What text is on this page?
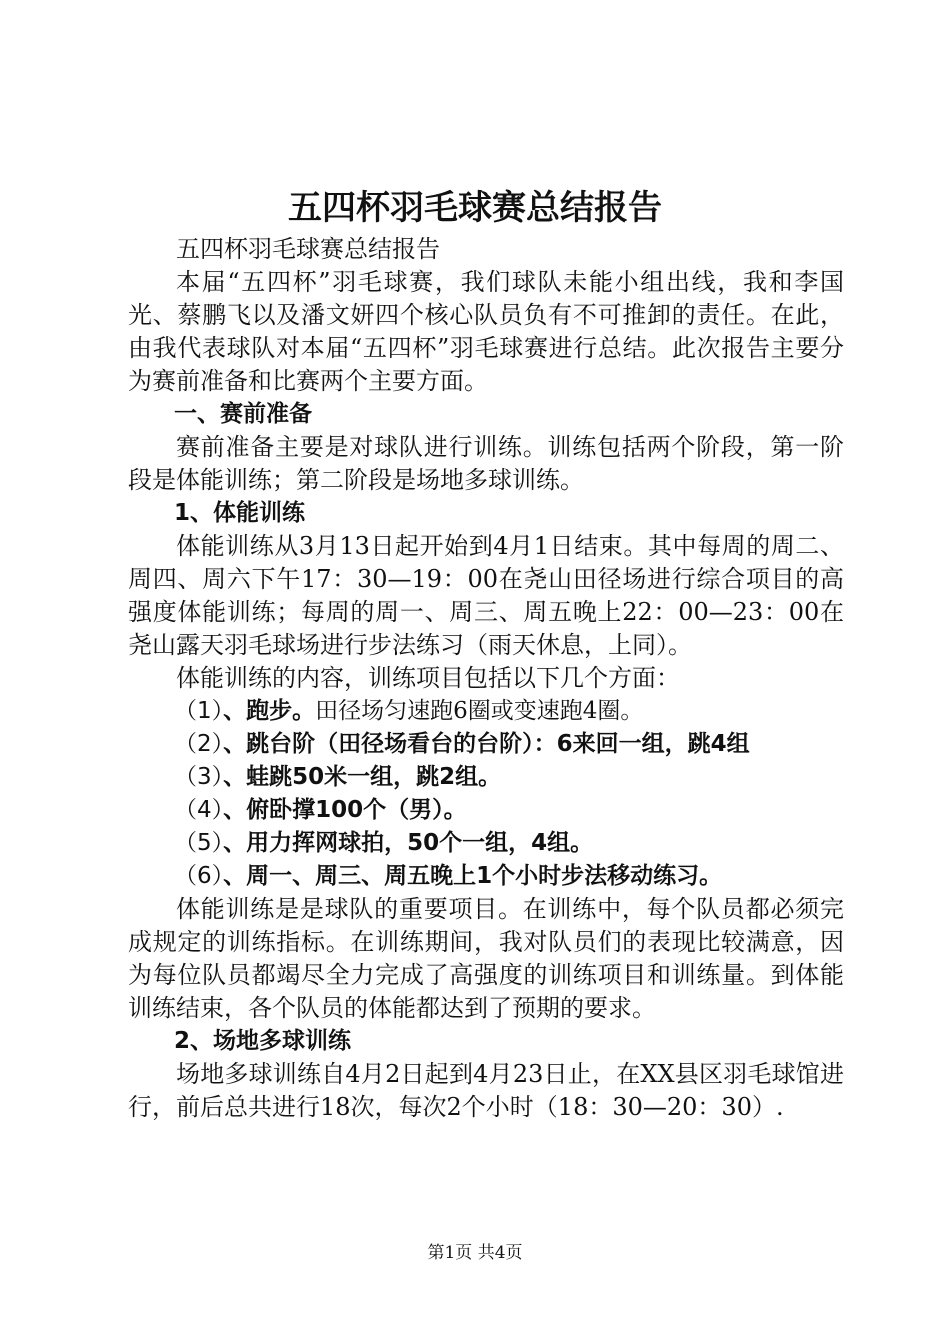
五四杯羽毛球赛总结报告

五四杯羽毛球赛总结报告

本届“五四杯”羽毛球赛，我们球队未能小组出线，我和李国光、蔡鹏飞以及潘文妍四个核心队员负有不可推卸的责任。在此，由我代表球队对本届“五四杯”羽毛球赛进行总结。此次报告主要分为赛前准备和比赛两个主要方面。

一、赛前准备

赛前准备主要是对球队进行训练。训练包括两个阶段，第一阶段是体能训练；第二阶段是场地多球训练。

1、体能训练

体能训练从3月13日起开始到4月1日结束。其中每周的周二、周四、周六下午17：30—19：00在尧山田径场进行综合项目的高强度体能训练；每周的周一、周三、周五晚上22：00—23：00在尧山露天羽毛球场进行步法练习（雨天休息，上同）。

体能训练的内容，训练项目包括以下几个方面：

（1）、跑步。田径场匀速跑6圈或变速跑4圈。

（2）、跳台阶（田径场看台的台阶）：6来回一组，跳4组

（3）、蛙跳50米一组，跳2组。

（4）、俯卧撑100个（男）。

（5）、用力挥网球拍，50个一组，4组。

（6）、周一、周三、周五晚上1个小时步法移动练习。

体能训练是是球队的重要项目。在训练中，每个队员都必须完成规定的训练指标。在训练期间，我对队员们的表现比较满意，因为每位队员都竭尽全力完成了高强度的训练项目和训练量。到体能训练结束，各个队员的体能都达到了预期的要求。

2、场地多球训练

场地多球训练自4月2日起到4月23日止，在XX县区羽毛球馆进行，前后总共进行18次，每次2个小时（18：30—20：30）.

第1页 共4页
